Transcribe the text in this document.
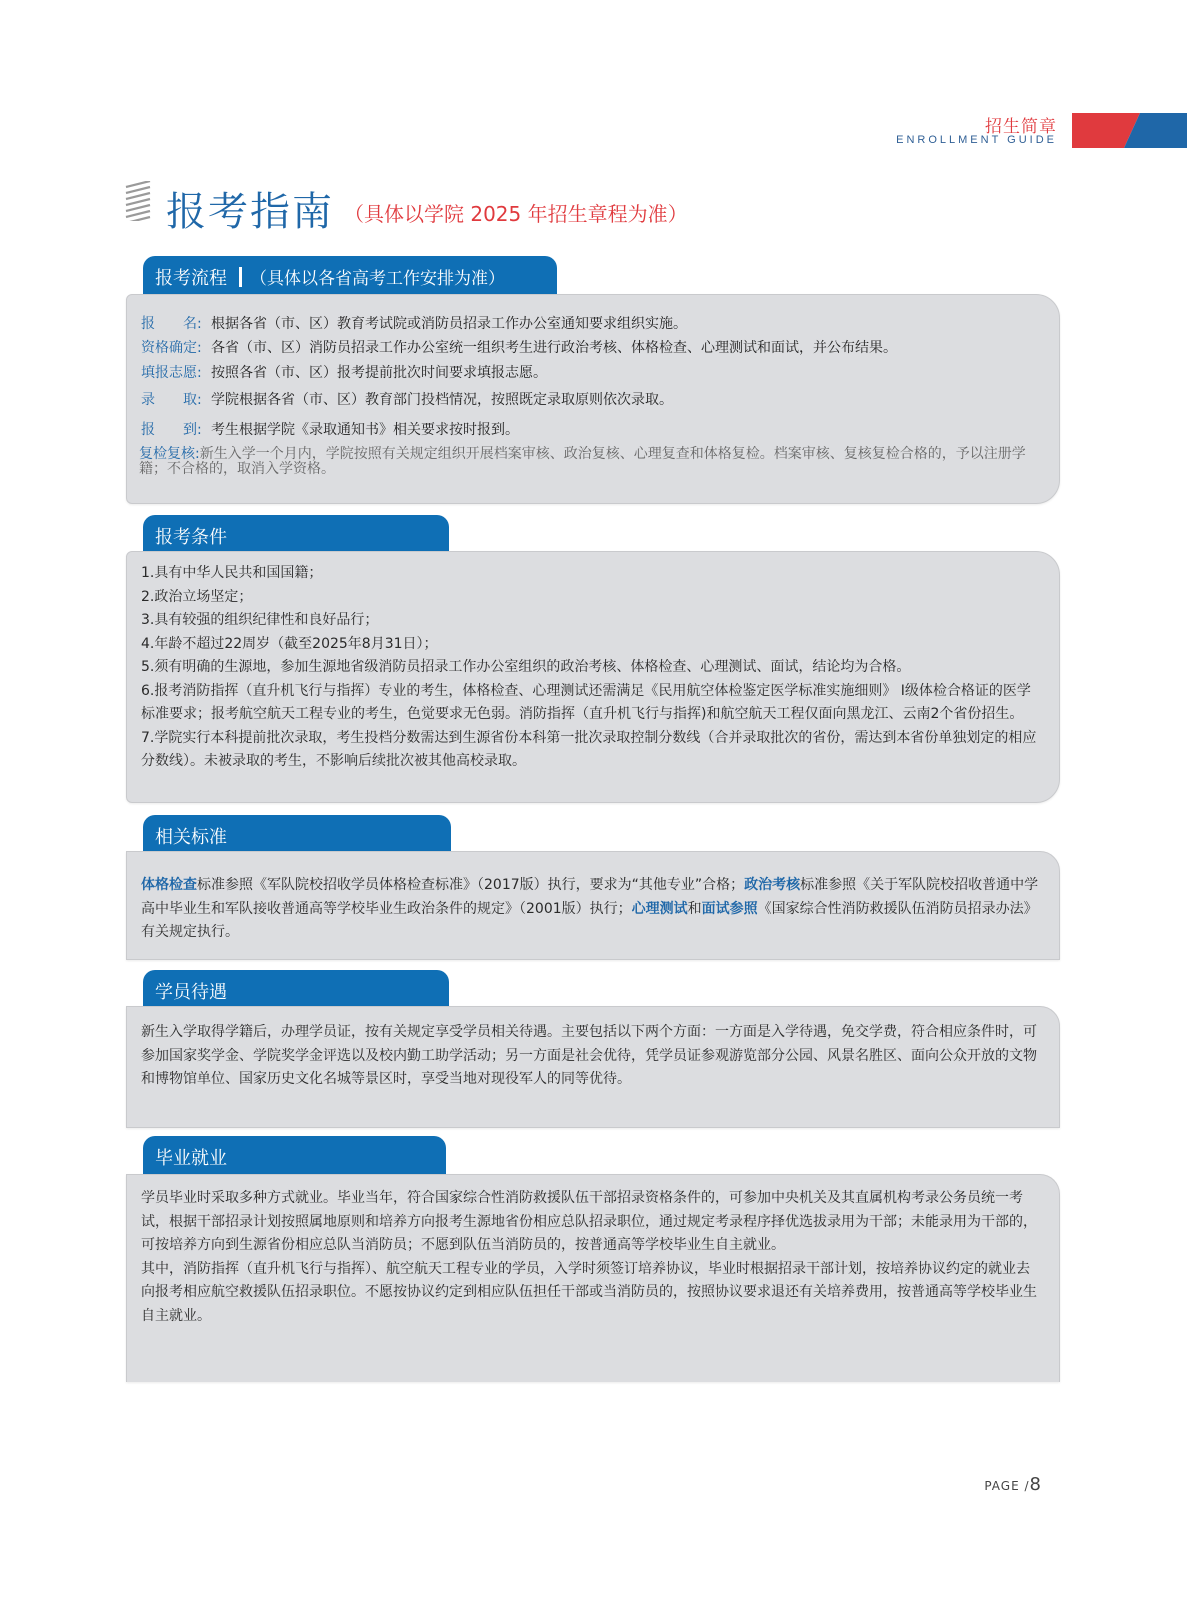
招生简章
ENROLLMENT GUIDE
报考指南 （具体以学院 2025 年招生章程为准）
报考流程 （具体以各省高考工作安排为准）
报　　名: 根据各省（市、区）教育考试院或消防员招录工作办公室通知要求组织实施。
资格确定: 各省（市、区）消防员招录工作办公室统一组织考生进行政治考核、体格检查、心理测试和面试，并公布结果。
填报志愿: 按照各省（市、区）报考提前批次时间要求填报志愿。
录　　取: 学院根据各省（市、区）教育部门投档情况，按照既定录取原则依次录取。
报　　到: 考生根据学院《录取通知书》相关要求按时报到。
复检复核:新生入学一个月内，学院按照有关规定组织开展档案审核、政治复核、心理复查和体格复检。档案审核、复核复检合格的，予以注册学籍；不合格的，取消入学资格。
报考条件
1.具有中华人民共和国国籍；
2.政治立场坚定；
3.具有较强的组织纪律性和良好品行；
4.年龄不超过22周岁（截至2025年8月31日）；
5.须有明确的生源地，参加生源地省级消防员招录工作办公室组织的政治考核、体格检查、心理测试、面试，结论均为合格。
6.报考消防指挥（直升机飞行与指挥）专业的考生，体格检查、心理测试还需满足《民用航空体检鉴定医学标准实施细则》 Ⅰ级体检合格证的医学标准要求；报考航空航天工程专业的考生，色觉要求无色弱。消防指挥（直升机飞行与指挥)和航空航天工程仅面向黑龙江、云南2个省份招生。
7.学院实行本科提前批次录取，考生投档分数需达到生源省份本科第一批次录取控制分数线（合并录取批次的省份，需达到本省份单独划定的相应分数线）。未被录取的考生，不影响后续批次被其他高校录取。
相关标准
体格检查标准参照《军队院校招收学员体格检查标准》（2017版）执行，要求为“其他专业”合格；政治考核标准参照《关于军队院校招收普通中学高中毕业生和军队接收普通高等学校毕业生政治条件的规定》（2001版）执行；心理测试和面试参照《国家综合性消防救援队伍消防员招录办法》有关规定执行。
学员待遇
新生入学取得学籍后，办理学员证，按有关规定享受学员相关待遇。主要包括以下两个方面：一方面是入学待遇，免交学费，符合相应条件时，可参加国家奖学金、学院奖学金评选以及校内勤工助学活动；另一方面是社会优待，凭学员证参观游览部分公园、风景名胜区、面向公众开放的文物和博物馆单位、国家历史文化名城等景区时，享受当地对现役军人的同等优待。
毕业就业
学员毕业时采取多种方式就业。毕业当年，符合国家综合性消防救援队伍干部招录资格条件的，可参加中央机关及其直属机构考录公务员统一考试，根据干部招录计划按照属地原则和培养方向报考生源地省份相应总队招录职位，通过规定考录程序择优选拔录用为干部；未能录用为干部的，可按培养方向到生源省份相应总队当消防员；不愿到队伍当消防员的，按普通高等学校毕业生自主就业。
其中，消防指挥（直升机飞行与指挥）、航空航天工程专业的学员，入学时须签订培养协议，毕业时根据招录干部计划，按培养协议约定的就业去向报考相应航空救援队伍招录职位。不愿按协议约定到相应队伍担任干部或当消防员的，按照协议要求退还有关培养费用，按普通高等学校毕业生自主就业。
PAGE /8
